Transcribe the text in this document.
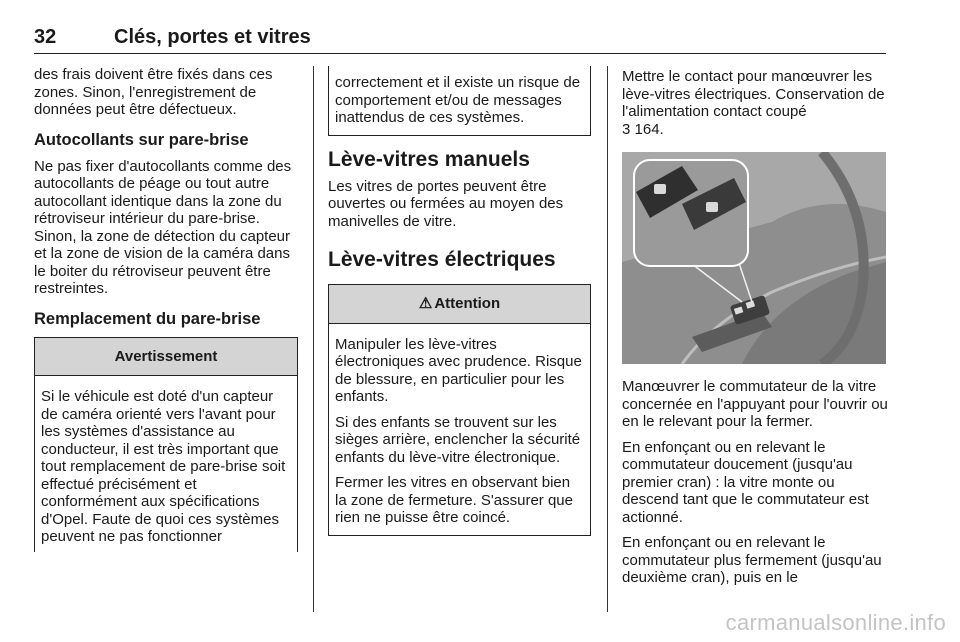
32	Clés, portes et vitres

des frais doivent être fixés dans ces zones. Sinon, l'enregistrement de données peut être défectueux.

Autocollants sur pare-brise

Ne pas fixer d'autocollants comme des autocollants de péage ou tout autre autocollant identique dans la zone du rétroviseur intérieur du pare-brise. Sinon, la zone de détection du capteur et la zone de vision de la caméra dans le boiter du rétroviseur peuvent être restreintes.

Remplacement du pare-brise
Avertissement
Si le véhicule est doté d'un capteur de caméra orienté vers l'avant pour les systèmes d'assistance au conducteur, il est très important que tout remplacement de pare-brise soit effectué précisément et conformément aux spécifications d'Opel. Faute de quoi ces systèmes peuvent ne pas fonctionner
correctement et il existe un risque de comportement et/ou de messages inattendus de ces systèmes.
Lève-vitres manuels

Les vitres de portes peuvent être ouvertes ou fermées au moyen des manivelles de vitre.

Lève-vitres électriques
⚠ Attention

Manipuler les lève-vitres électroniques avec prudence. Risque de blessure, en particulier pour les enfants.

Si des enfants se trouvent sur les sièges arrière, enclencher la sécurité enfants du lève-vitre électronique.

Fermer les vitres en observant bien la zone de fermeture. S'assurer que rien ne puisse être coincé.

Mettre le contact pour manœuvrer les lève-vitres électriques. Conservation de l'alimentation contact coupé
3 164.

Manœuvrer le commutateur de la vitre concernée en l'appuyant pour l'ouvrir ou en le relevant pour la fermer.

En enfonçant ou en relevant le commutateur doucement (jusqu'au premier cran) : la vitre monte ou descend tant que le commutateur est actionné.

En enfonçant ou en relevant le commutateur plus fermement (jusqu'au deuxième cran), puis en le

carmanualsonline.info
